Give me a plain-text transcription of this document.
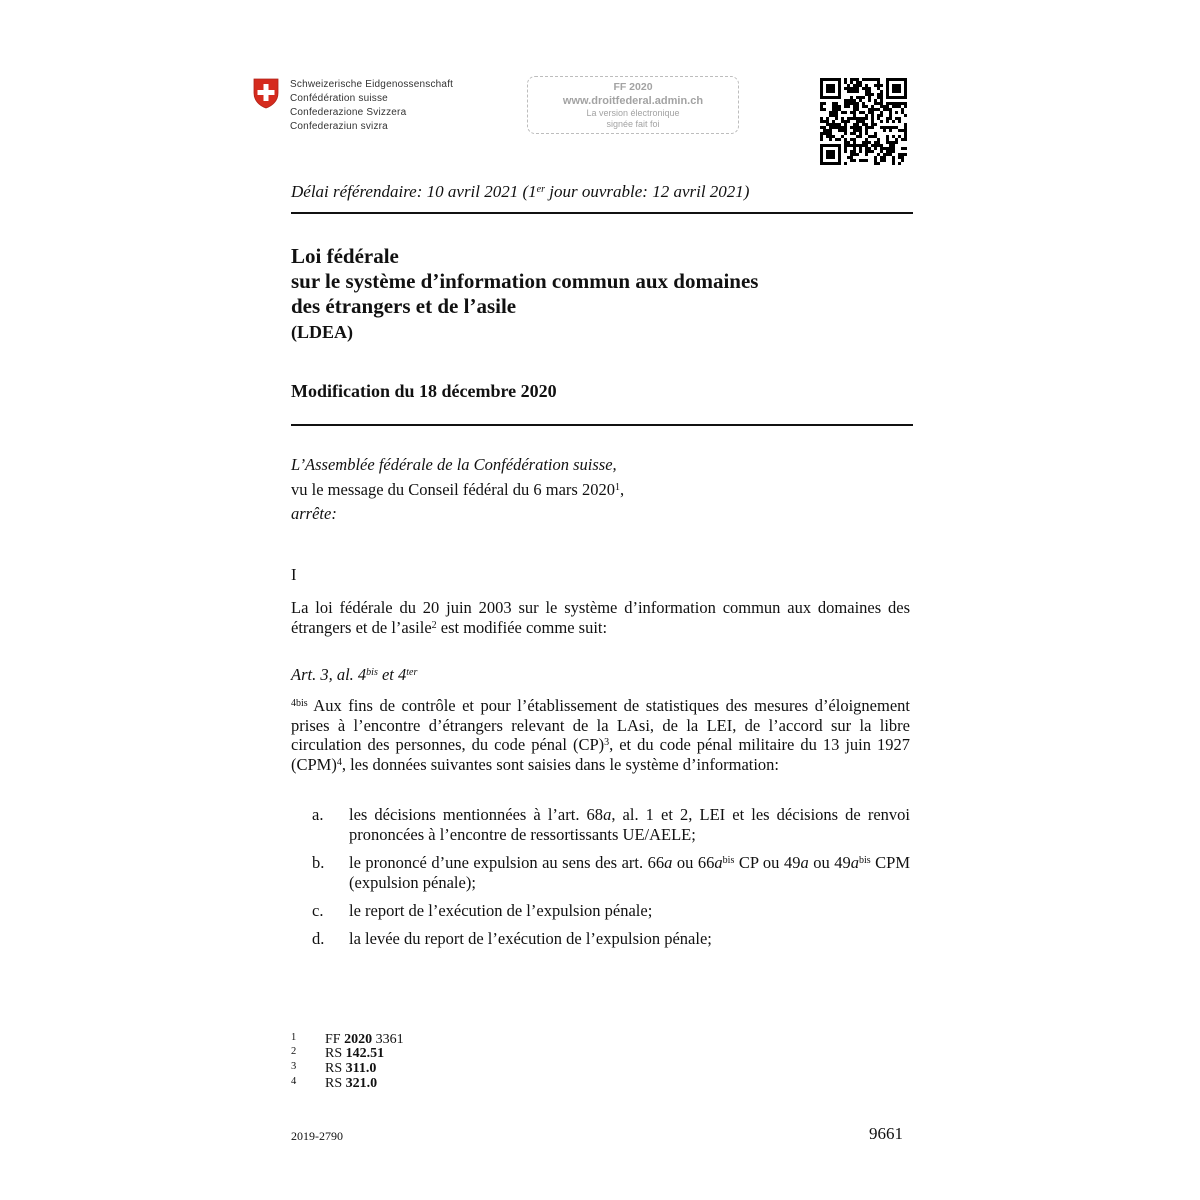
Schweizerische Eidgenossenschaft
Confédération suisse
Confederazione Svizzera
Confederaziun svizra
FF 2020
www.droitfederal.admin.ch
La version électronique
signée fait foi
Délai référendaire: 10 avril 2021 (1er jour ouvrable: 12 avril 2021)
Loi fédérale
sur le système d’information commun aux domaines
des étrangers et de l’asile
(LDEA)
Modification du 18 décembre 2020
L’Assemblée fédérale de la Confédération suisse,
vu le message du Conseil fédéral du 6 mars 2020$^1$,
arrête:
I
La loi fédérale du 20 juin 2003 sur le système d’information commun aux domaines des étrangers et de l’asile$^2$ est modifiée comme suit:
Art. 3, al. $4^{bis}$ et $4^{ter}$
$^{4bis}$ Aux fins de contrôle et pour l’établissement de statistiques des mesures d’éloignement prises à l’encontre d’étrangers relevant de la LAsi, de la LEI, de l’accord sur la libre circulation des personnes, du code pénal (CP)$^3$, et du code pénal militaire du 13 juin 1927 (CPM)$^4$, les données suivantes sont saisies dans le système d’information:
a.	les décisions mentionnées à l’art. 68a, al. 1 et 2, LEI et les décisions de renvoi prononcées à l’encontre de ressortissants UE/AELE;
b.	le prononcé d’une expulsion au sens des art. 66a ou $66a^{bis}$ CP ou 49a ou $49a^{bis}$ CPM (expulsion pénale);
c.	le report de l’exécution de l’expulsion pénale;
d.	la levée du report de l’exécution de l’expulsion pénale;
1 FF 2020 3361
2 RS 142.51
3 RS 311.0
4 RS 321.0
2019-2790	9661
